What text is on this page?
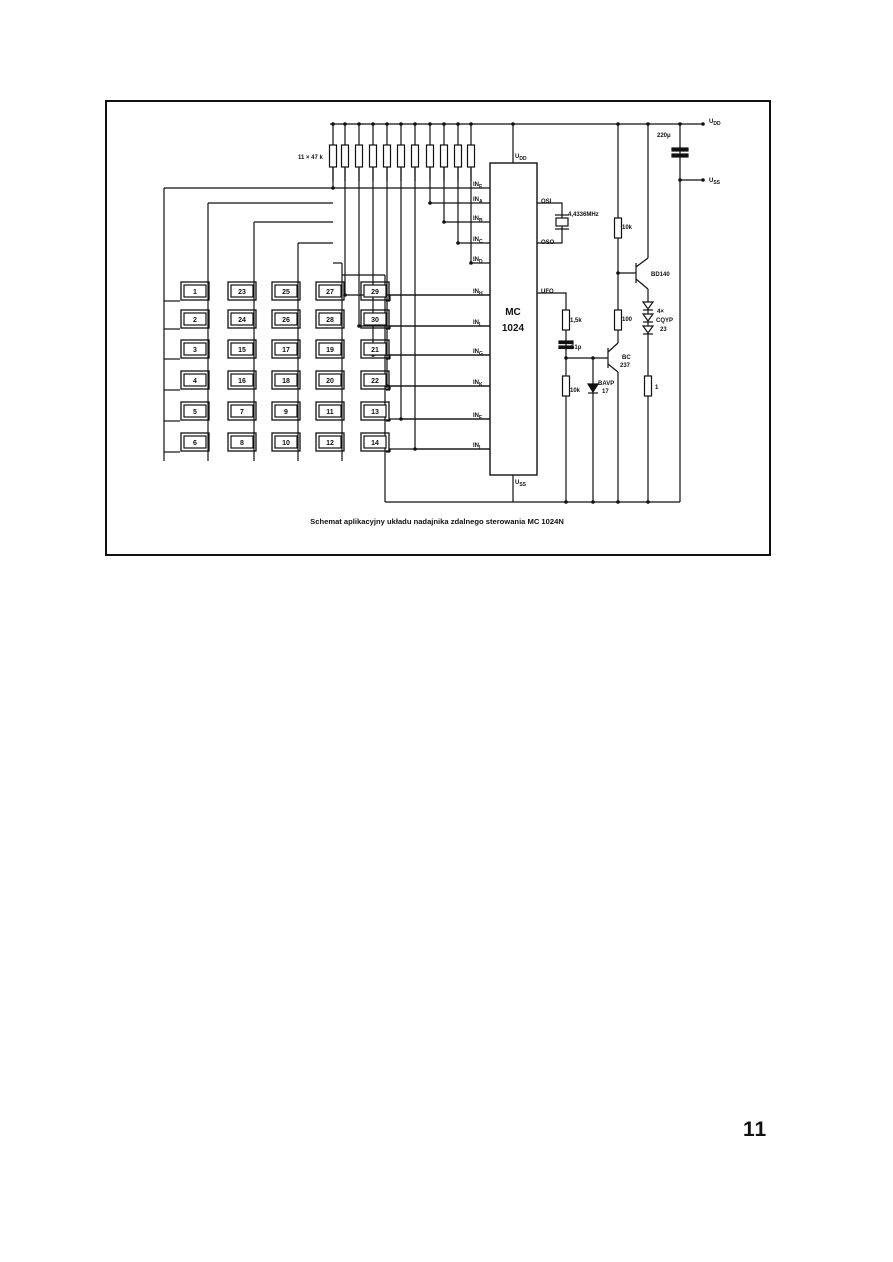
MC
1024
$U_{DD}$
$U_{SS}$
$IN_E$
$IN_A$
$IN_B$
$IN_C$
$IN_D$
$IN_H$
$IN_L$
$IN_G$
$IN_K$
$IN_F$
$IN_I$
OSI
OSO
UFO
11 × 47 k
1	23	25	27	29
2	24	26	28	30
3	15	17	19	21
4	16	18	20	22
5	7	9	11	13
6	8	10	12	14
4,4336MHz
10k
1,5k
51p
10k
BAVP
17
BC
237
BD140
100
4×
CQYP
23
1
220μ
$U_{DD}$
$U_{SS}$
Schemat aplikacyjny układu nadajnika zdalnego sterowania MC 1024N
11
